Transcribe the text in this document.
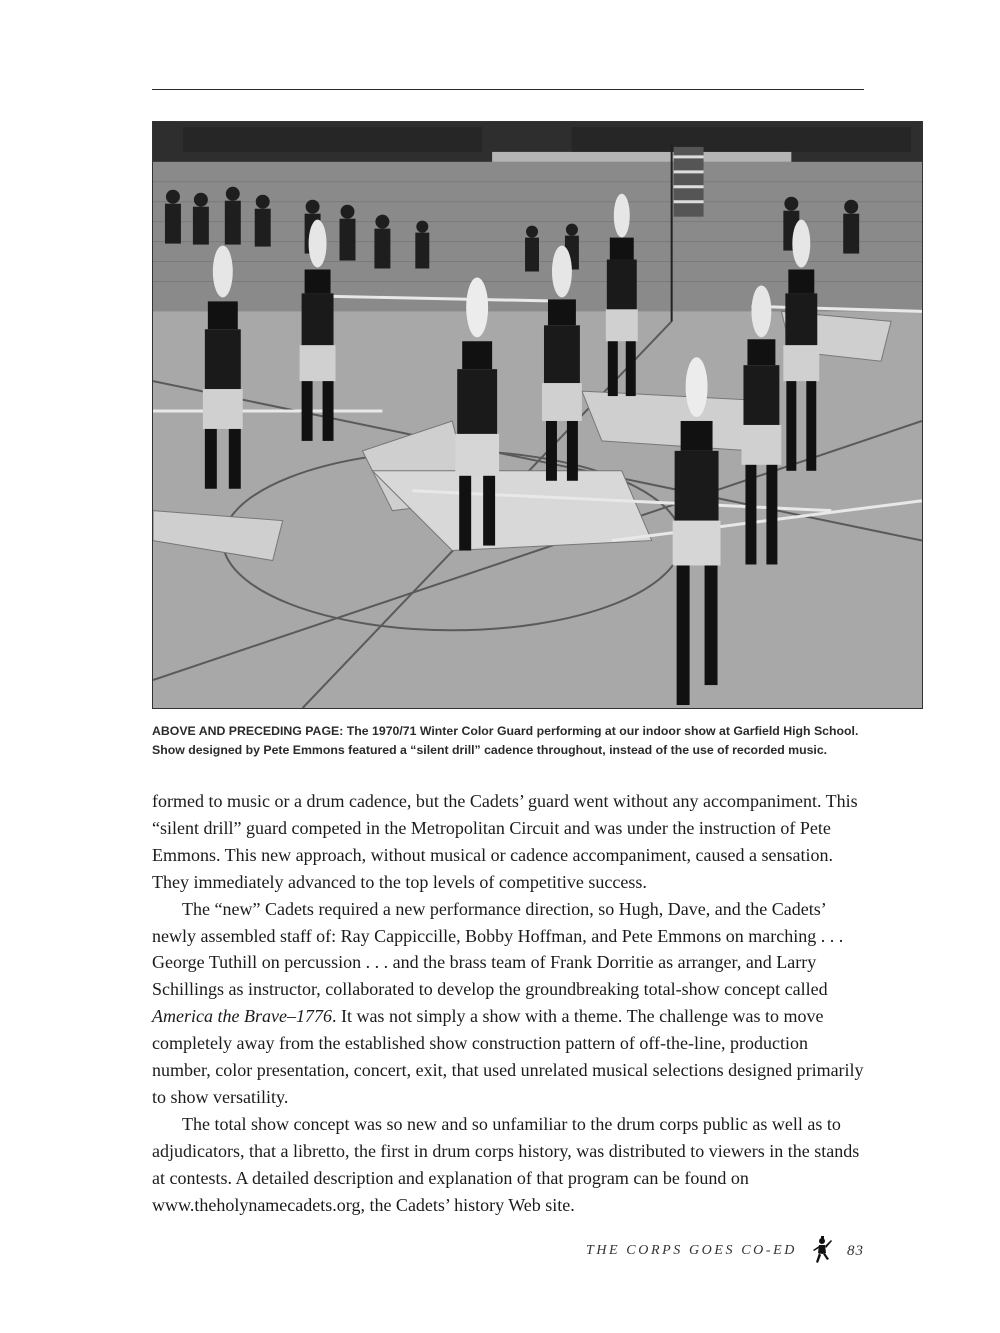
ABOVE AND PRECEDING PAGE: The 1970/71 Winter Color Guard performing at our indoor show at Garfield High School. Show designed by Pete Emmons featured a “silent drill” cadence throughout, instead of the use of recorded music.

formed to music or a drum cadence, but the Cadets’ guard went without any accompaniment. This “silent drill” guard competed in the Metropolitan Circuit and was under the instruction of Pete Emmons. This new approach, without musical or cadence accompaniment, caused a sensation. They immediately advanced to the top levels of competitive success.

The “new” Cadets required a new performance direction, so Hugh, Dave, and the Cadets’ newly assembled staff of: Ray Cappiccille, Bobby Hoffman, and Pete Emmons on marching . . . George Tuthill on percussion . . . and the brass team of Frank Dorritie as arranger, and Larry Schillings as instructor, collaborated to develop the groundbreaking total-show concept called America the Brave–1776. It was not simply a show with a theme. The challenge was to move completely away from the established show construction pattern of off-the-line, production number, color presentation, concert, exit, that used unrelated musical selections designed primarily to show versatility.

The total show concept was so new and so unfamiliar to the drum corps public as well as to adjudicators, that a libretto, the first in drum corps history, was distributed to viewers in the stands at contests. A detailed description and explanation of that program can be found on www.theholynamecadets.org, the Cadets’ history Web site.

THE CORPS GOES CO-ED	83
